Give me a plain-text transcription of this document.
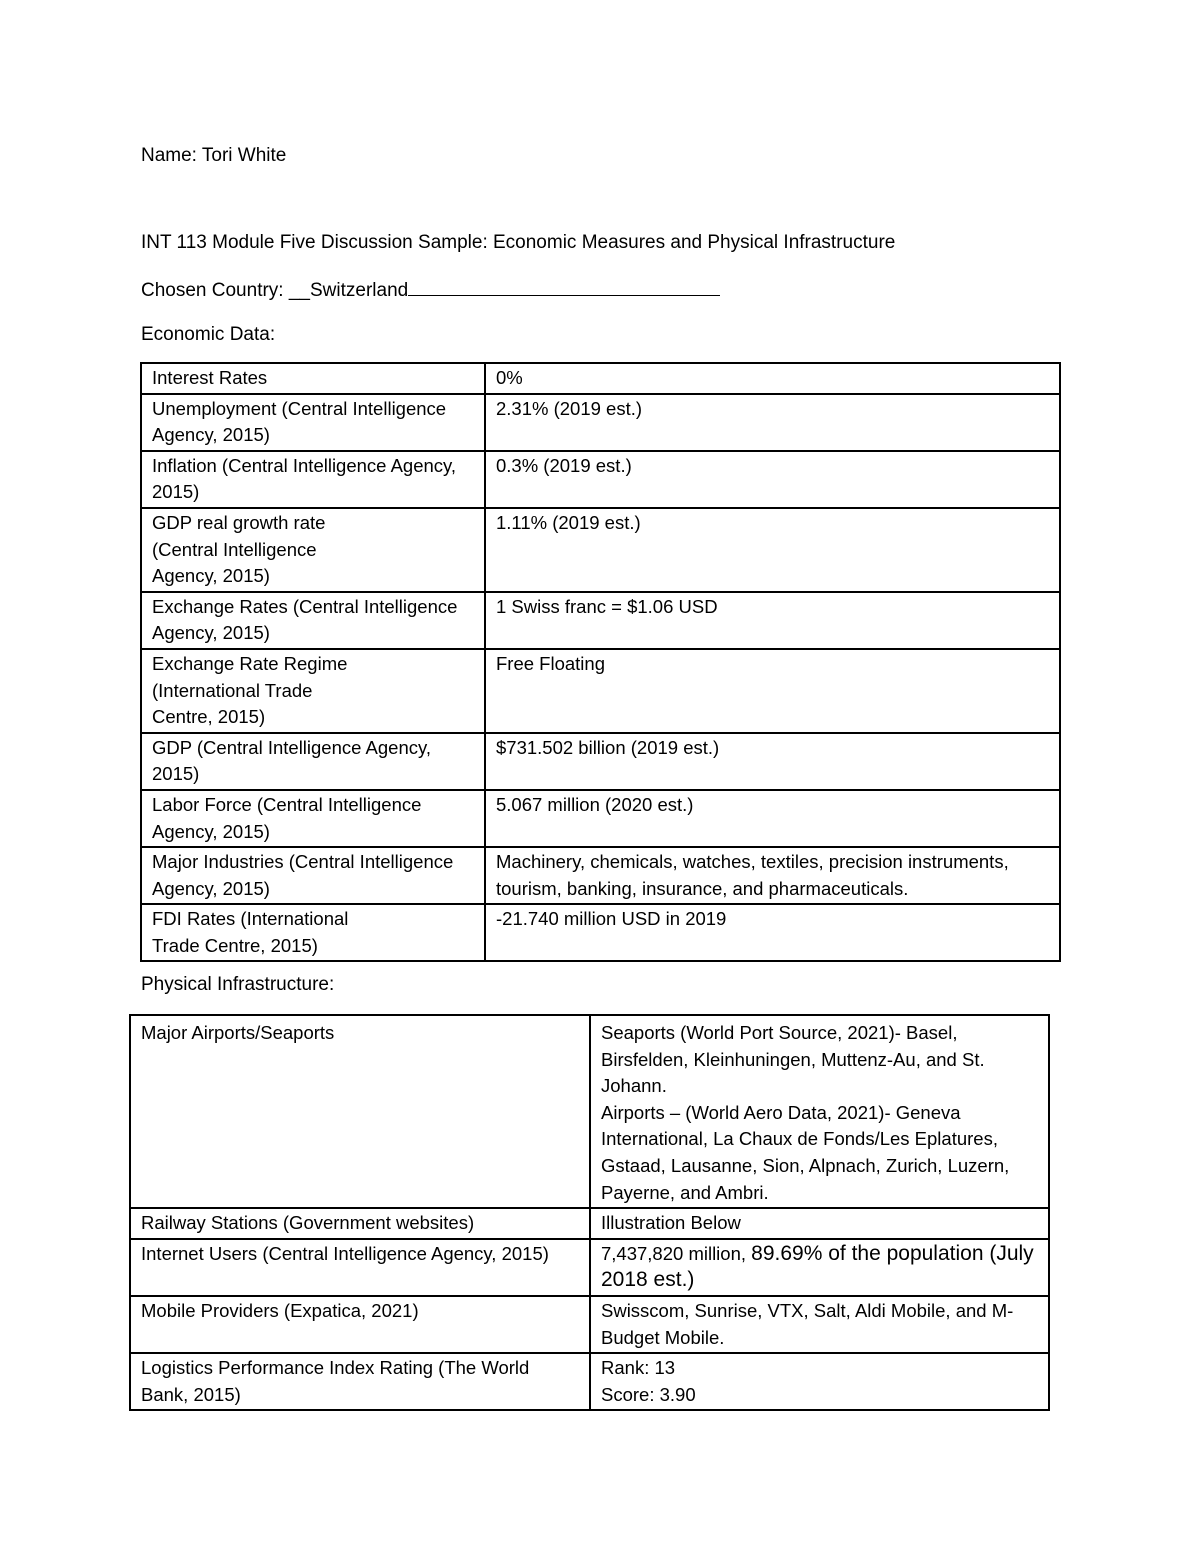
Name: Tori White
INT 113 Module Five Discussion Sample: Economic Measures and Physical Infrastructure
Chosen Country: __Switzerland
Economic Data:
Interest Rates	0%
Unemployment (Central Intelligence Agency, 2015)	2.31% (2019 est.)
Inflation (Central Intelligence Agency, 2015)	0.3% (2019 est.)
GDP real growth rate (Central Intelligence Agency, 2015)	1.11% (2019 est.)
Exchange Rates (Central Intelligence Agency, 2015)	1 Swiss franc = $1.06 USD
Exchange Rate Regime (International Trade Centre, 2015)	Free Floating
GDP (Central Intelligence Agency, 2015)	$731.502 billion (2019 est.)
Labor Force (Central Intelligence Agency, 2015)	5.067 million (2020 est.)
Major Industries (Central Intelligence Agency, 2015)	Machinery, chemicals, watches, textiles, precision instruments, tourism, banking, insurance, and pharmaceuticals.
FDI Rates (International Trade Centre, 2015)	-21.740 million USD in 2019
Physical Infrastructure:
Major Airports/Seaports	Seaports (World Port Source, 2021)- Basel, Birsfelden, Kleinhuningen, Muttenz-Au, and St. Johann.
Airports – (World Aero Data, 2021)- Geneva International, La Chaux de Fonds/Les Eplatures, Gstaad, Lausanne, Sion, Alpnach, Zurich, Luzern, Payerne, and Ambri.

Railway Stations (Government websites)	Illustration Below
Internet Users (Central Intelligence Agency, 2015)	7,437,820 million, 89.69% of the population (July 2018 est.)
Mobile Providers (Expatica, 2021)	Swisscom, Sunrise, VTX, Salt, Aldi Mobile, and M-Budget Mobile.
Logistics Performance Index Rating (The World Bank, 2015)	Rank: 13
Score: 3.90
